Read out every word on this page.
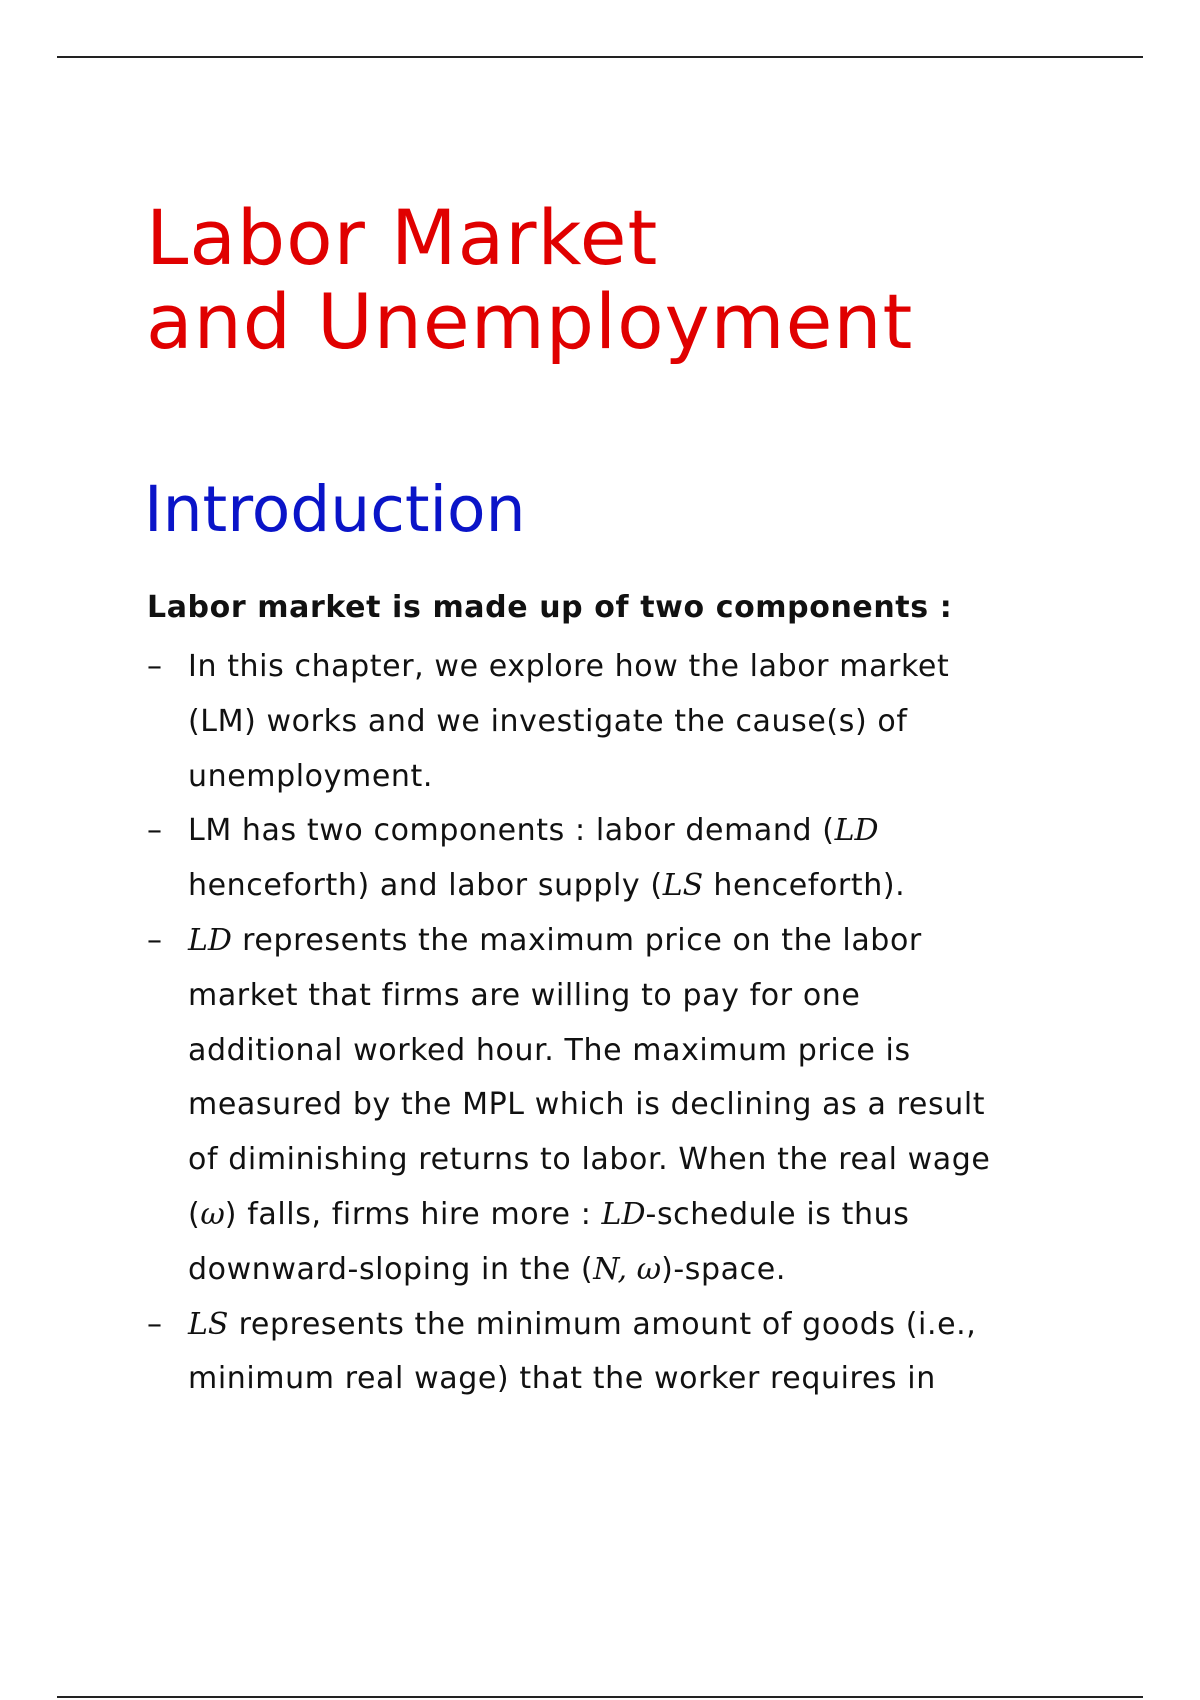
Labor Market
and Unemployment
Introduction

Labor market is made up of two components :

– In this chapter, we explore how the labor market
(LM) works and we investigate the cause(s) of
unemployment.
– LM has two components : labor demand (LD
henceforth) and labor supply (LS henceforth).
– LD represents the maximum price on the labor
market that firms are willing to pay for one
additional worked hour. The maximum price is
measured by the MPL which is declining as a result
of diminishing returns to labor. When the real wage
(ω) falls, firms hire more : LD-schedule is thus
downward-sloping in the (N, ω)-space.
– LS represents the minimum amount of goods (i.e.,
minimum real wage) that the worker requires in
